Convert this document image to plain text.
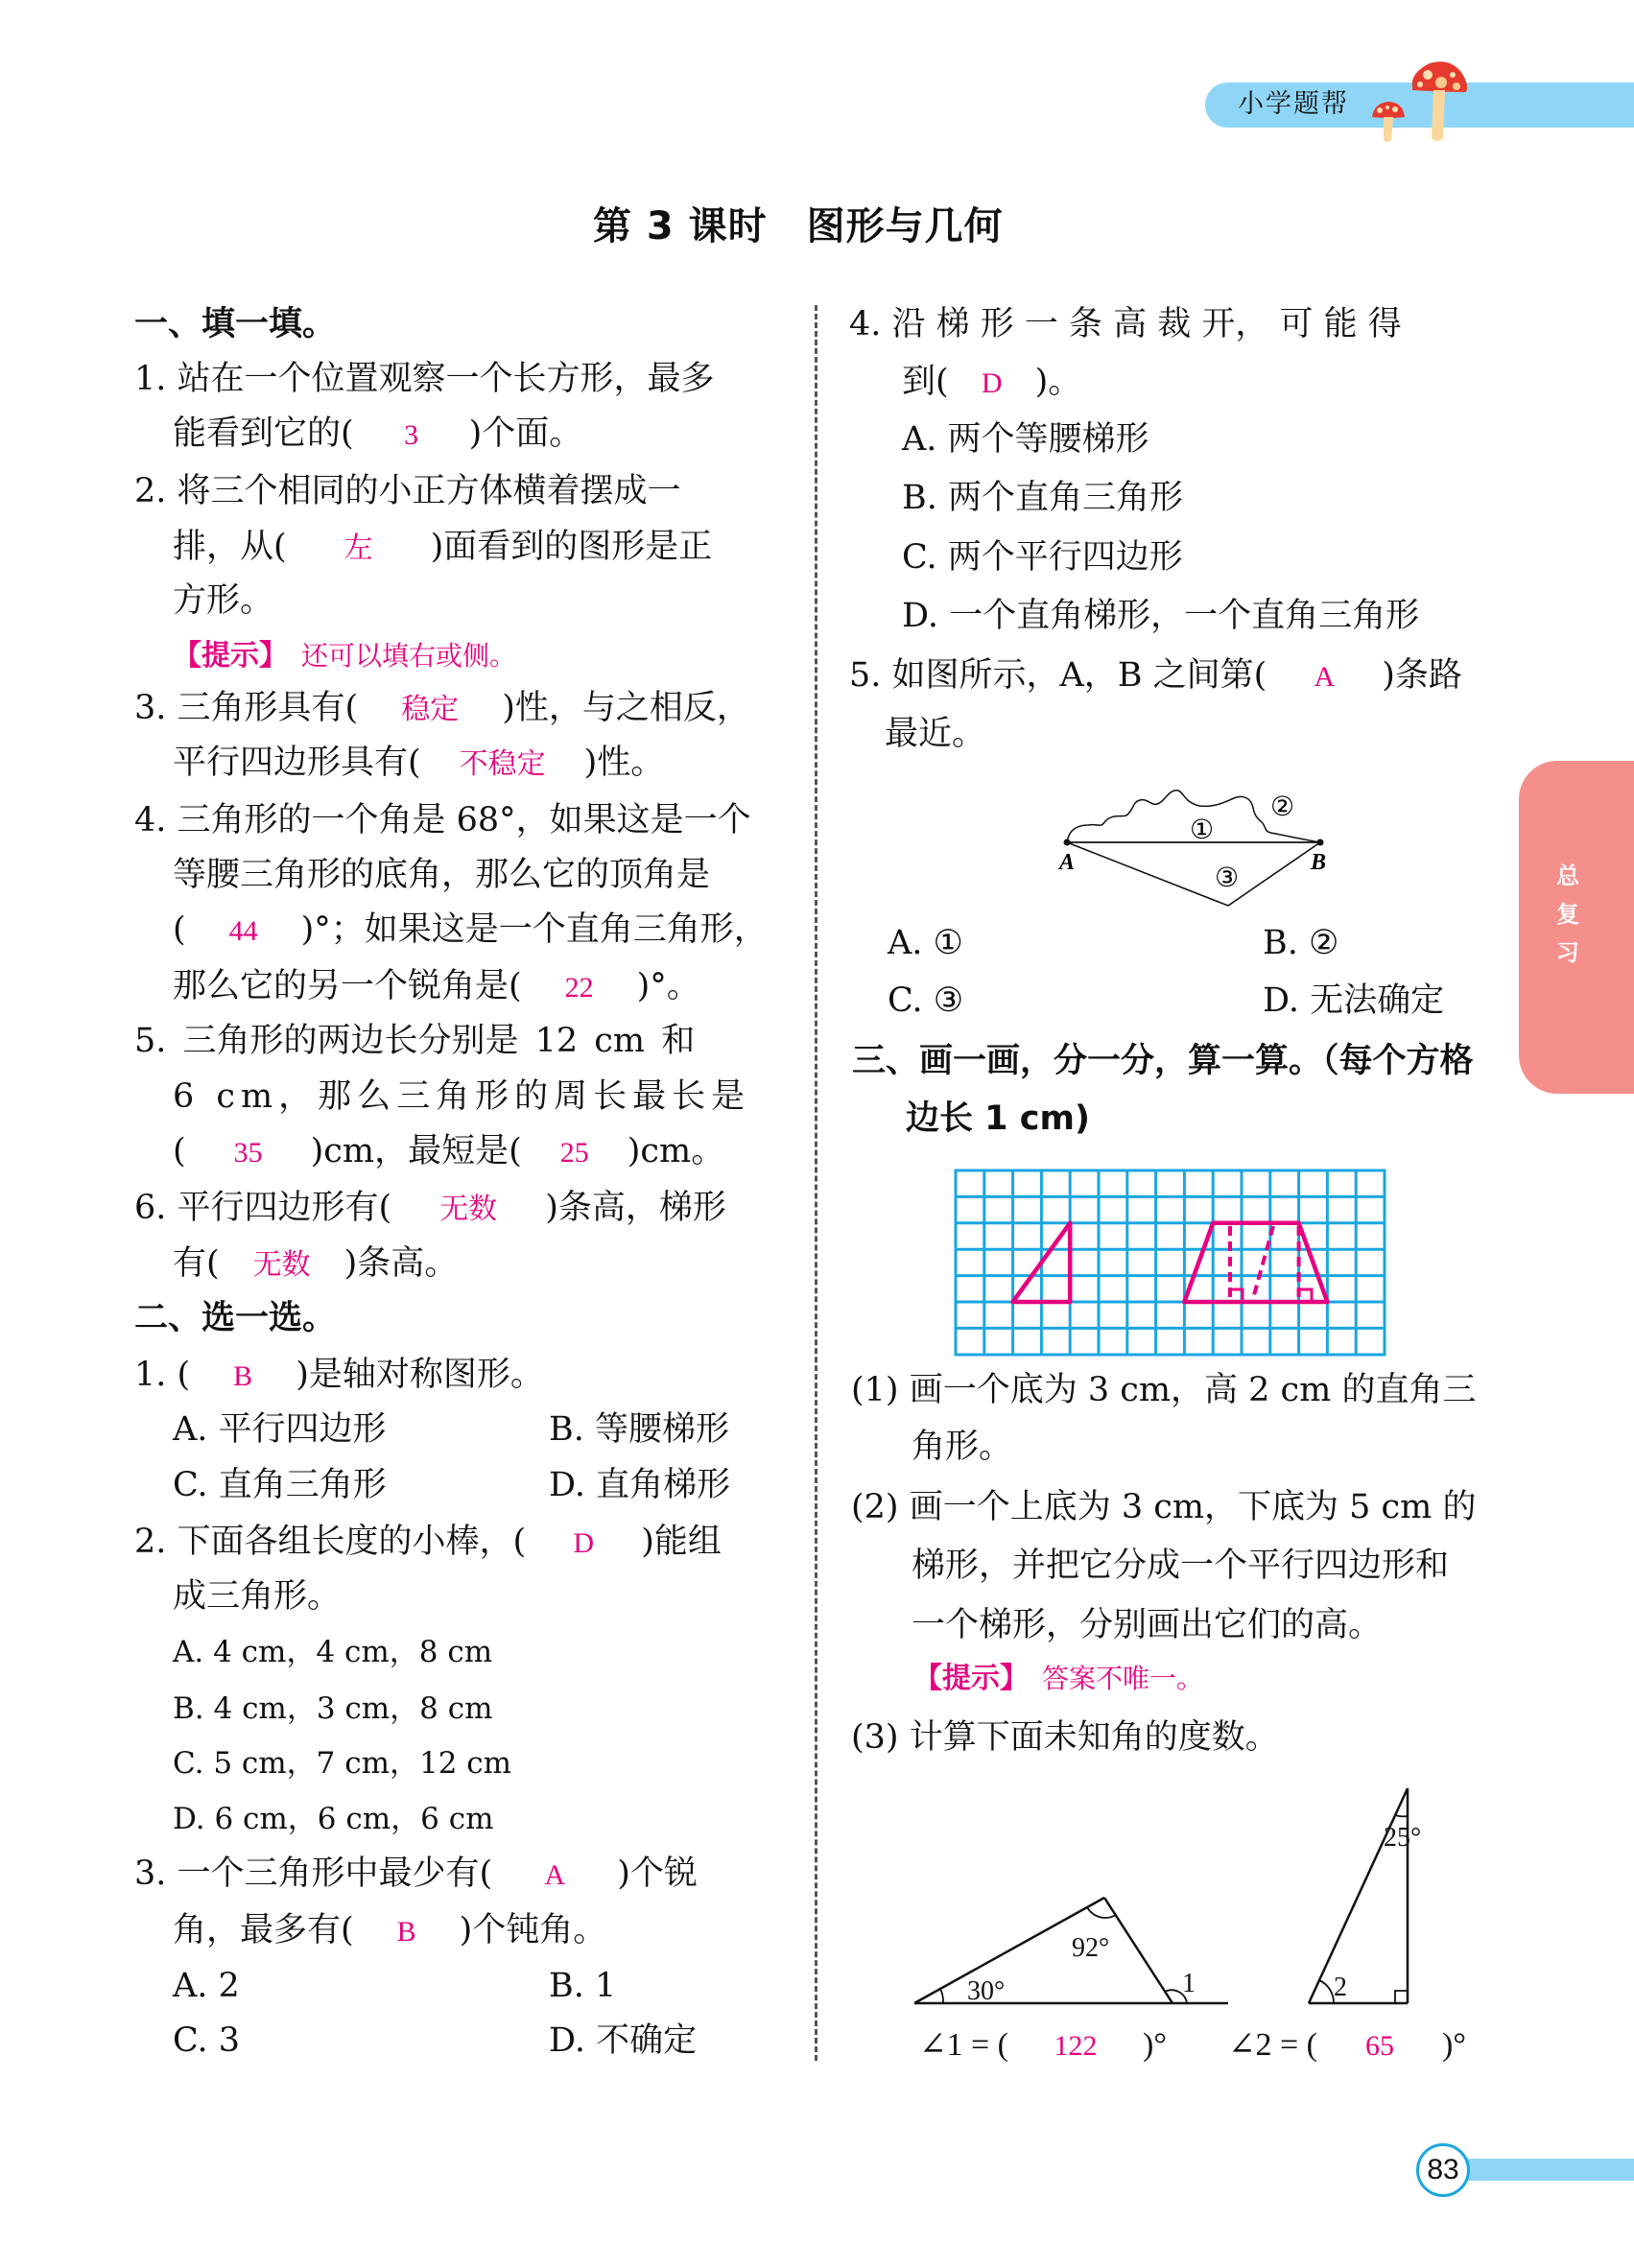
小学题帮
第 3 课时　图形与几何
总
复
习
一、填一填。
1. 站在一个位置观察一个长方形，最多
能看到它的( 3 )个面。
2. 将三个相同的小正方体横着摆成一
排，从( 左 )面看到的图形是正
方形。
【提示】 还可以填右或侧。
3. 三角形具有( 稳定 )性，与之相反，
平行四边形具有( 不稳定 )性。
4. 三角形的一个角是 68°，如果这是一个
等腰三角形的底角，那么它的顶角是
( 44 )°；如果这是一个直角三角形，
那么它的另一个锐角是( 22 )°。
5. 三角形的两边长分别是 12 cm 和
6 cm，那么三角形的周长最长是
( 35 )cm，最短是( 25 )cm。
6. 平行四边形有( 无数 )条高，梯形
有( 无数 )条高。
二、选一选。
1. ( B )是轴对称图形。
A. 平行四边形	B. 等腰梯形
C. 直角三角形	D. 直角梯形
2. 下面各组长度的小棒，( D )能组
成三角形。
A. 4 cm，4 cm，8 cm
B. 4 cm，3 cm，8 cm
C. 5 cm，7 cm，12 cm
D. 6 cm，6 cm，6 cm
3. 一个三角形中最少有( A )个锐
角，最多有( B )个钝角。
A. 2	B. 1
C. 3	D. 不确定
4. 沿 梯 形 一 条 高 裁 开， 可 能 得
到( D )。
A. 两个等腰梯形
B. 两个直角三角形
C. 两个平行四边形
D. 一个直角梯形，一个直角三角形
5. 如图所示，A，B 之间第( A )条路
最近。
A	B
①
②
③
A. ①	B. ②
C. ③	D. 无法确定
三、画一画，分一分，算一算。（每个方格
边长 1 cm)
(1) 画一个底为 3 cm，高 2 cm 的直角三
角形。
(2) 画一个上底为 3 cm，下底为 5 cm 的
梯形，并把它分成一个平行四边形和
一个梯形，分别画出它们的高。
【提示】 答案不唯一。
(3) 计算下面未知角的度数。
30°
92°
1
25°
2
∠1 = ( 122 )° ∠2 = ( 65 )°
83
